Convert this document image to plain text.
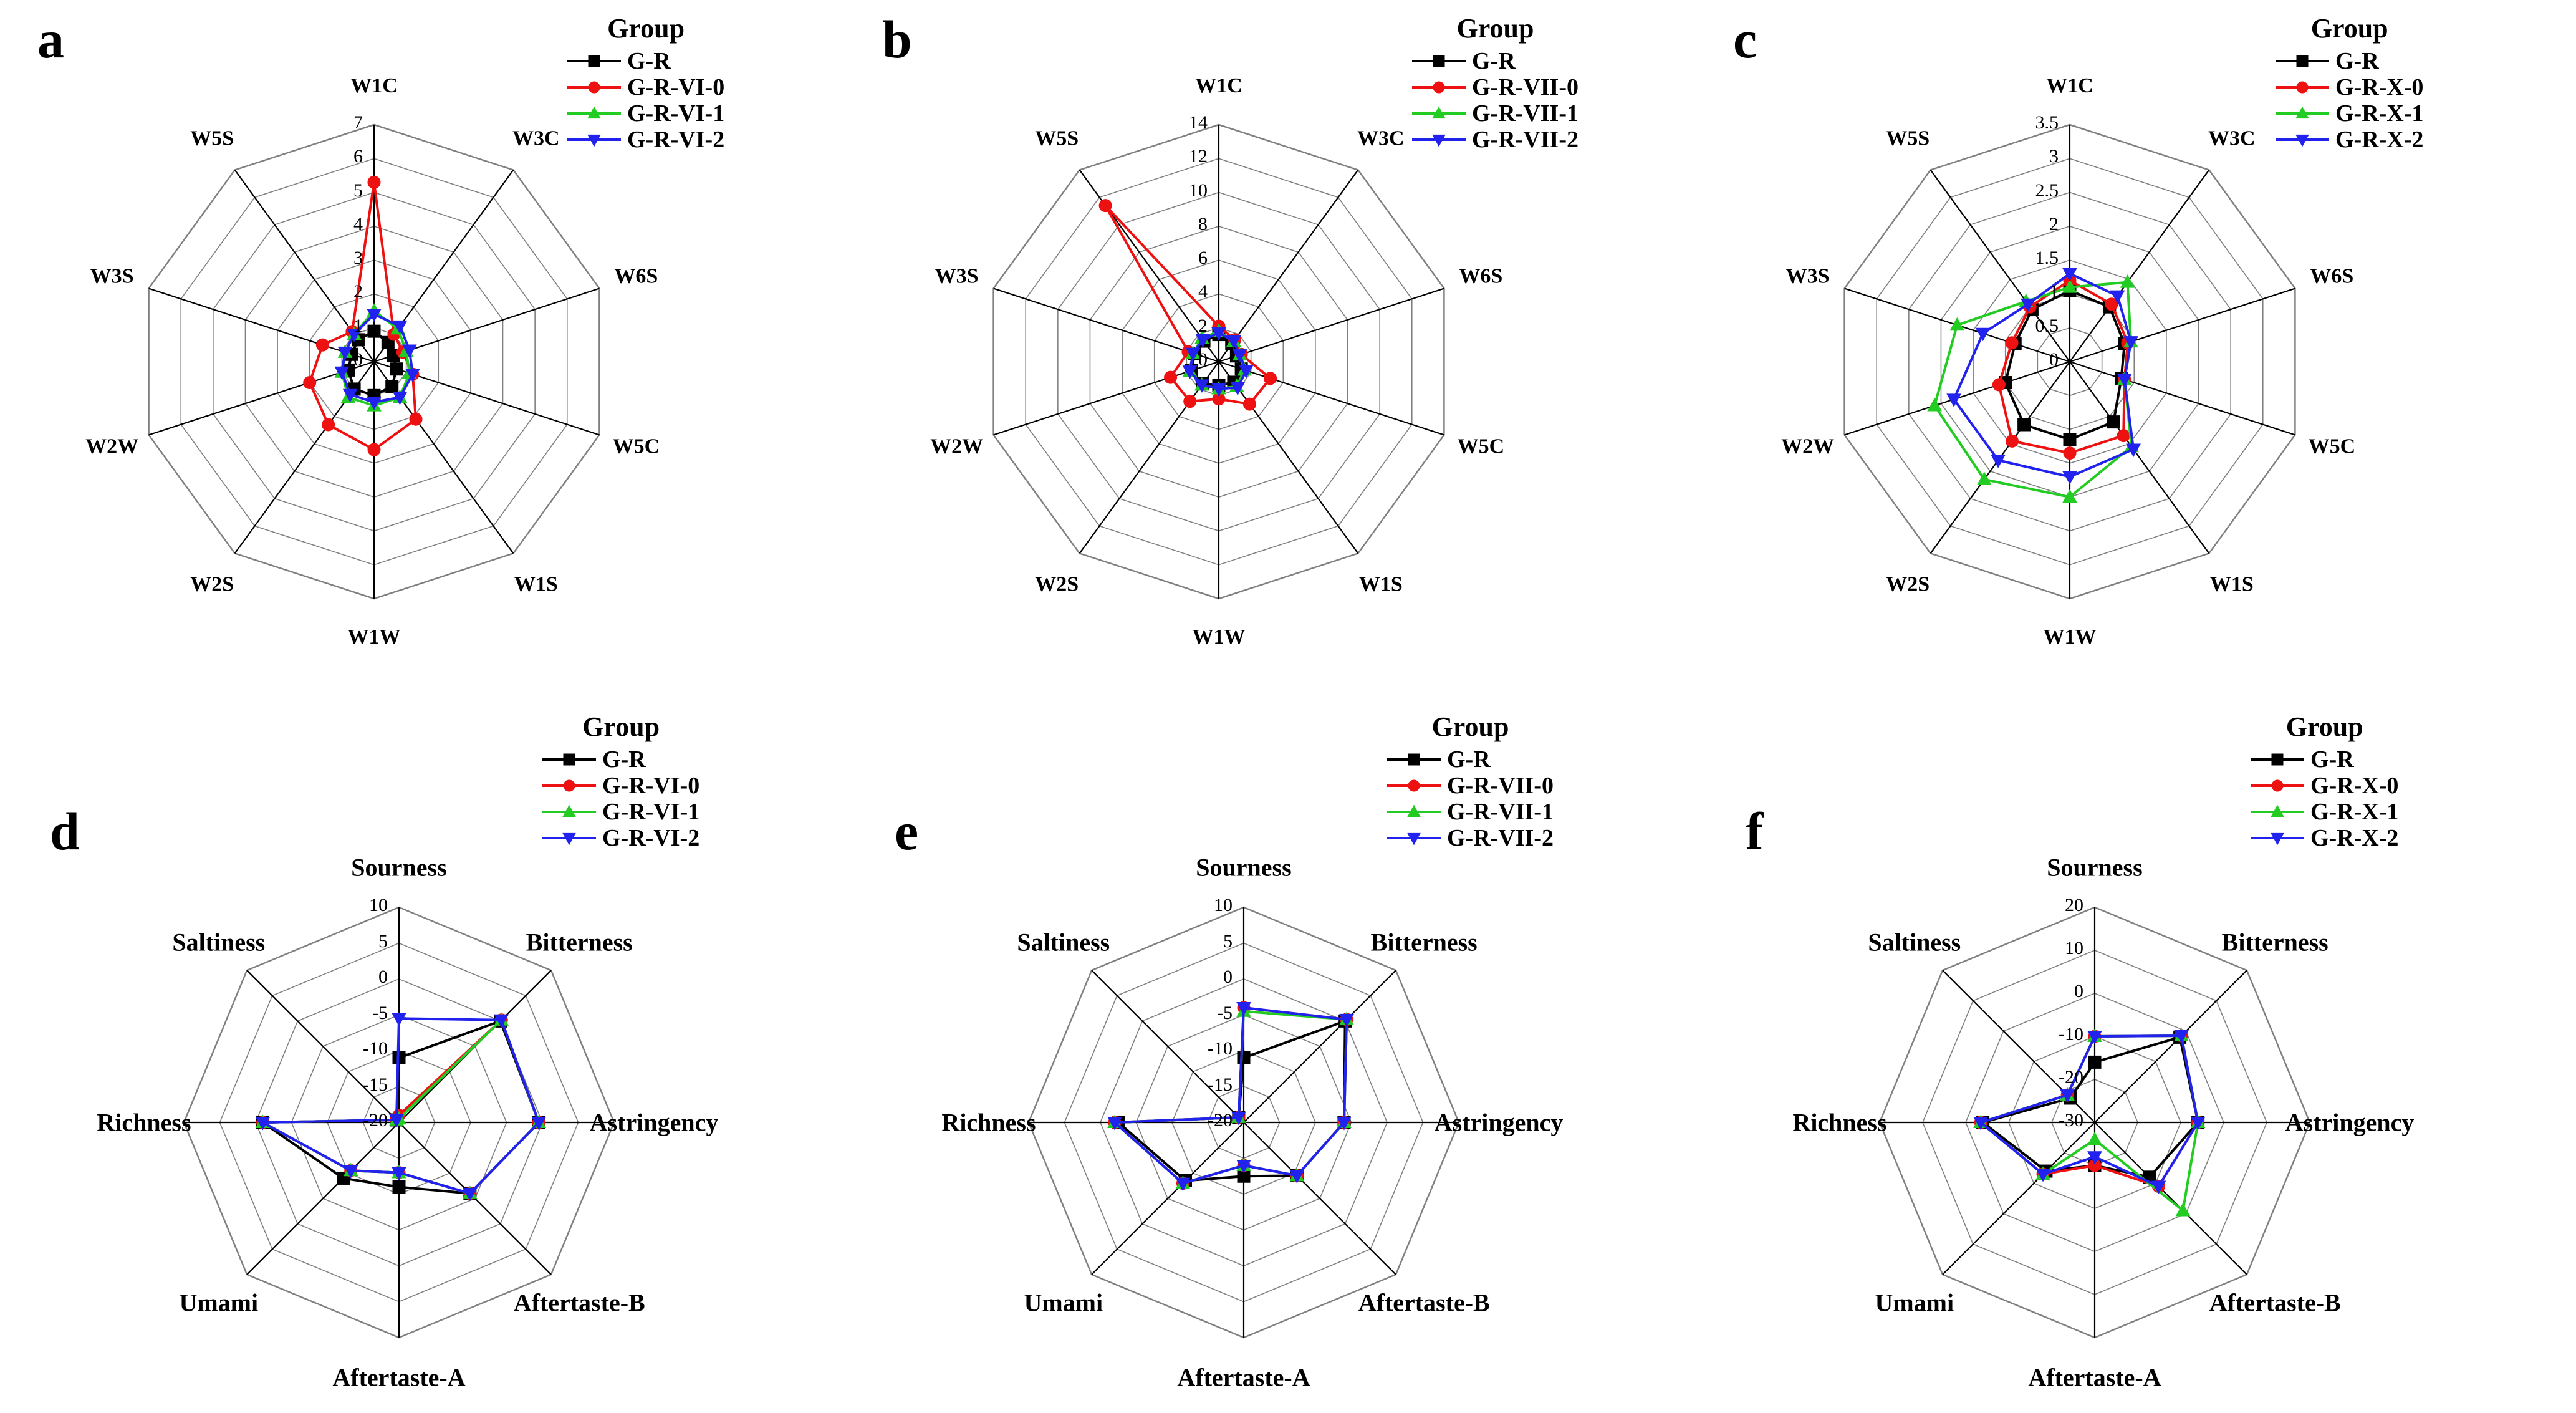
a
W1C
W3C
W6S
W5C
W1S
W1W
W2S
W2W
W3S
W5S
0
1
2
3
4
5
6
7
Group
G-R
G-R-VI-0
G-R-VI-1
G-R-VI-2
b
W1C
W3C
W6S
W5C
W1S
W1W
W2S
W2W
W3S
W5S
0
2
4
6
8
10
12
14
Group
G-R
G-R-VII-0
G-R-VII-1
G-R-VII-2
c
W1C
W3C
W6S
W5C
W1S
W1W
W2S
W2W
W3S
W5S
0
0.5
1
1.5
2
2.5
3
3.5
Group
G-R
G-R-X-0
G-R-X-1
G-R-X-2
d
Sourness
Bitterness
Astringency
Aftertaste-B
Aftertaste-A
Umami
Richness
Saltiness
-20
-15
-10
-5
0
5
10
Group
G-R
G-R-VI-0
G-R-VI-1
G-R-VI-2	e
Sourness
Bitterness
Astringency
Aftertaste-B
Aftertaste-A
Umami
Richness
Saltiness
-20
-15
-10
-5
0
5
10
Group
G-R
G-R-VII-0
G-R-VII-1
G-R-VII-2	f
Sourness
Bitterness
Astringency
Aftertaste-B
Aftertaste-A
Umami
Richness
Saltiness
-30
-20
-10
0
10
20
Group
G-R
G-R-X-0
G-R-X-1
G-R-X-2
